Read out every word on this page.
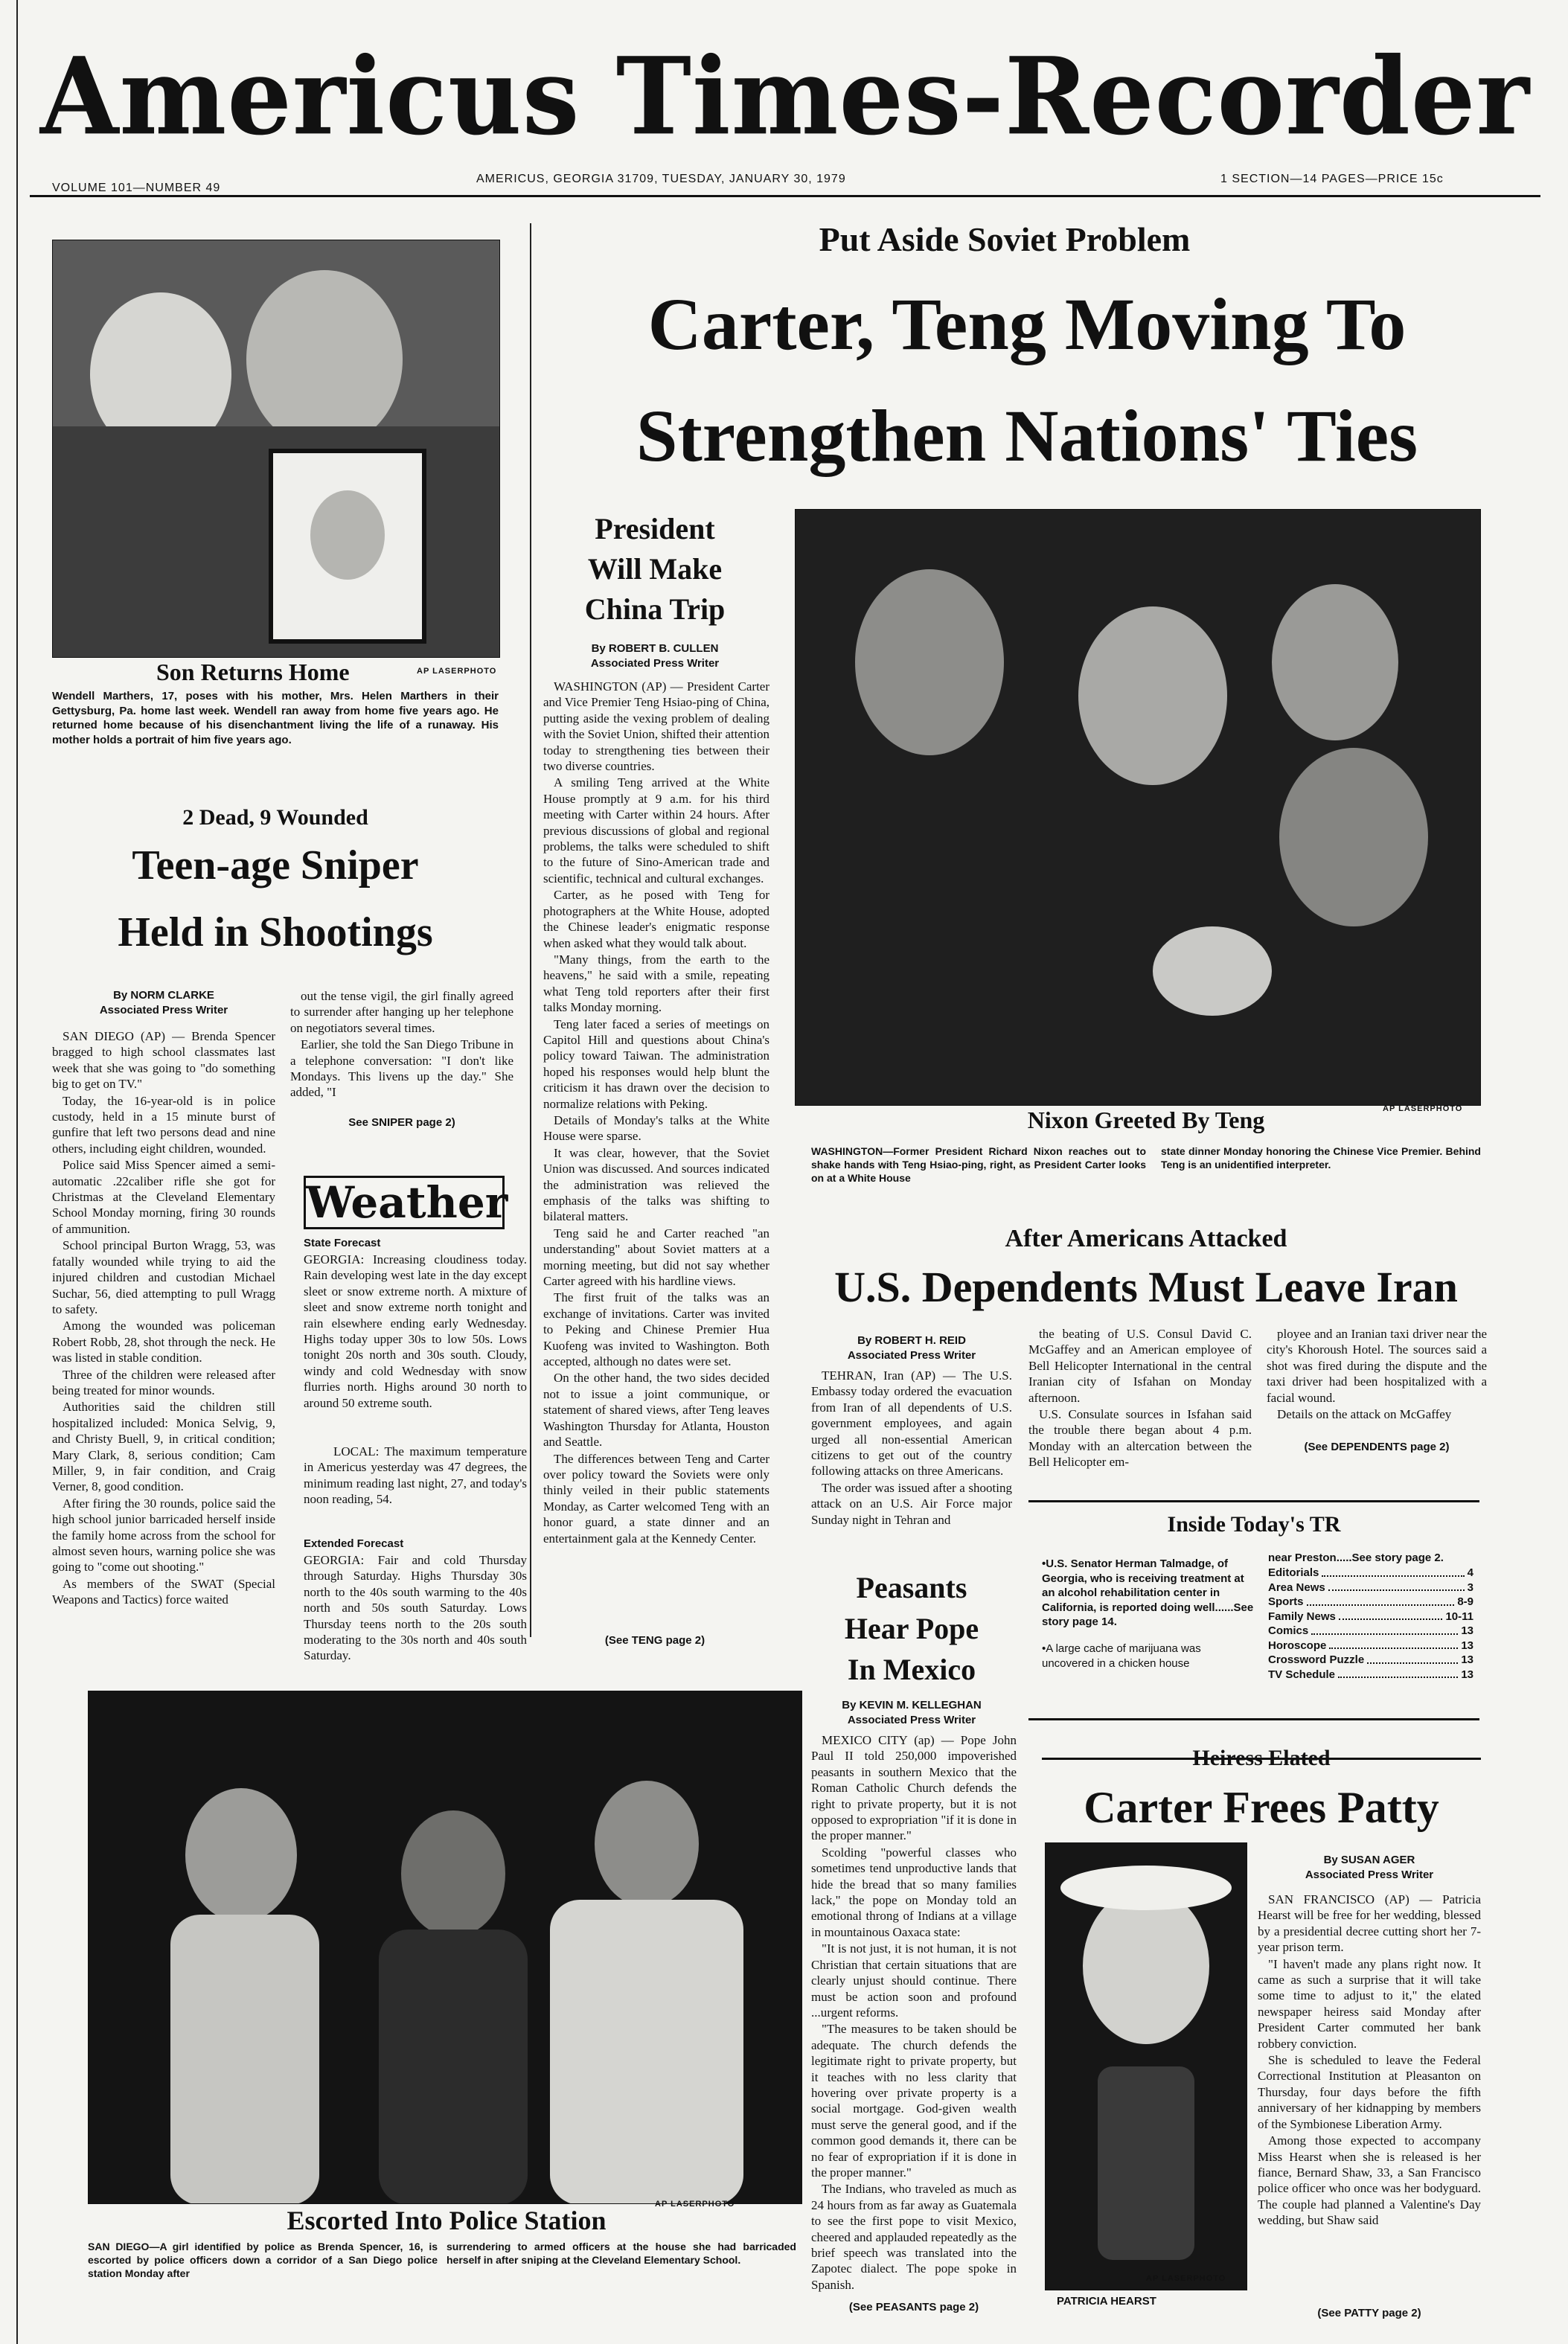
Americus Times-Recorder
VOLUME 101—NUMBER 49
AMERICUS, GEORGIA 31709, TUESDAY, JANUARY 30, 1979	1 SECTION—14 PAGES—PRICE 15c
Son Returns Home	AP LASERPHOTO
Wendell Marthers, 17, poses with his mother, Mrs. Helen Marthers in their Gettysburg, Pa. home last week. Wendell ran away from home five years ago. He returned home because of his disenchantment living the life of a runaway. His mother holds a portrait of him five years ago.
2 Dead, 9 Wounded
Teen-age Sniper
Held in Shootings
By NORM CLARKE
Associated Press Writer

SAN DIEGO (AP) — Brenda Spencer bragged to high school classmates last week that she was going to "do something big to get on TV."

Today, the 16-year-old is in police custody, held in a 15 minute burst of gunfire that left two persons dead and nine others, including eight children, wounded.

Police said Miss Spencer aimed a semi-automatic .22caliber rifle she got for Christmas at the Cleveland Elementary School Monday morning, firing 30 rounds of ammunition.

School principal Burton Wragg, 53, was fatally wounded while trying to aid the injured children and custodian Michael Suchar, 56, died attempting to pull Wragg to safety.

Among the wounded was policeman Robert Robb, 28, shot through the neck. He was listed in stable condition.

Three of the children were released after being treated for minor wounds.

Authorities said the children still hospitalized included: Monica Selvig, 9, and Christy Buell, 9, in critical condition; Mary Clark, 8, serious condition; Cam Miller, 9, in fair condition, and Craig Verner, 8, good condition.

After firing the 30 rounds, police said the high school junior barricaded herself inside the family home across from the school for almost seven hours, warning police she was going to "come out shooting."

As members of the SWAT (Special Weapons and Tactics) force waited

out the tense vigil, the girl finally agreed to surrender after hanging up her telephone on negotiators several times.

Earlier, she told the San Diego Tribune in a telephone conversation: "I don't like Mondays. This livens up the day." She added, "I

See SNIPER page 2)
Weather
State Forecast
GEORGIA: Increasing cloudiness today. Rain developing west late in the day except sleet or snow extreme north. A mixture of sleet and snow extreme north tonight and rain elsewhere ending early Wednesday. Highs today upper 30s to low 50s. Lows tonight 20s north and 30s south. Cloudy, windy and cold Wednesday with snow flurries north. Highs around 30 north to around 50 extreme south.
LOCAL: The maximum temperature in Americus yesterday was 47 degrees, the minimum reading last night, 27, and today's noon reading, 54.
Extended Forecast
GEORGIA: Fair and cold Thursday through Saturday. Highs Thursday 30s north to the 40s south warming to the 40s north and 50s south Saturday. Lows Thursday teens north to the 20s south moderating to the 30s north and 40s south Saturday.
Put Aside Soviet Problem
Carter, Teng Moving To
Strengthen Nations' Ties
President
Will Make
China Trip
By ROBERT B. CULLEN
Associated Press Writer

WASHINGTON (AP) — President Carter and Vice Premier Teng Hsiao-ping of China, putting aside the vexing problem of dealing with the Soviet Union, shifted their attention today to strengthening ties between their two diverse countries.

A smiling Teng arrived at the White House promptly at 9 a.m. for his third meeting with Carter within 24 hours. After previous discussions of global and regional problems, the talks were scheduled to shift to the future of Sino-American trade and scientific, technical and cultural exchanges.

Carter, as he posed with Teng for photographers at the White House, adopted the Chinese leader's enigmatic response when asked what they would talk about.

"Many things, from the earth to the heavens," he said with a smile, repeating what Teng told reporters after their first talks Monday morning.

Teng later faced a series of meetings on Capitol Hill and questions about China's policy toward Taiwan. The administration hoped his responses would help blunt the criticism it has drawn over the decision to normalize relations with Peking.

Details of Monday's talks at the White House were sparse.

It was clear, however, that the Soviet Union was discussed. And sources indicated the administration was relieved the emphasis of the talks was shifting to bilateral matters.

Teng said he and Carter reached "an understanding" about Soviet matters at a morning meeting, but did not say whether Carter agreed with his hardline views.

The first fruit of the talks was an exchange of invitations. Carter was invited to Peking and Chinese Premier Hua Kuofeng was invited to Washington. Both accepted, although no dates were set.

On the other hand, the two sides decided not to issue a joint communique, or statement of shared views, after Teng leaves Washington Thursday for Atlanta, Houston and Seattle.

The differences between Teng and Carter over policy toward the Soviets were only thinly veiled in their public statements Monday, as Carter welcomed Teng with an honor guard, a state dinner and an entertainment gala at the Kennedy Center.

(See TENG page 2)
Nixon Greeted By Teng	AP LASERPHOTO
WASHINGTON—Former President Richard Nixon reaches out to shake hands with Teng Hsiao-ping, right, as President Carter looks on at a White House
state dinner Monday honoring the Chinese Vice Premier. Behind Teng is an unidentified interpreter.
After Americans Attacked
U.S. Dependents Must Leave Iran
By ROBERT H. REID
Associated Press Writer

TEHRAN, Iran (AP) — The U.S. Embassy today ordered the evacuation from Iran of all dependents of U.S. government employees, and again urged all non-essential American citizens to get out of the country following attacks on three Americans.

The order was issued after a shooting attack on an U.S. Air Force major Sunday night in Tehran and

the beating of U.S. Consul David C. McGaffey and an American employee of Bell Helicopter International in the central Iranian city of Isfahan on Monday afternoon.

U.S. Consulate sources in Isfahan said the trouble there began about 4 p.m. Monday with an altercation between the Bell Helicopter em-

ployee and an Iranian taxi driver near the city's Khoroush Hotel. The sources said a shot was fired during the dispute and the taxi driver had been hospitalized with a facial wound.

Details on the attack on McGaffey

(See DEPENDENTS page 2)
Inside Today's TR
•U.S. Senator Herman Talmadge, of Georgia, who is receiving treatment at an alcohol rehabilitation center in California, is reported doing well......See story page 14.
•A large cache of marijuana was uncovered in a chicken house
near Preston.....See story page 2.
Editorials	4
Area News	3
Sports	8-9
Family News	10-11
Comics	13
Horoscope	13
Crossword Puzzle	13
TV Schedule	13
Peasants
Hear Pope
In Mexico
By KEVIN M. KELLEGHAN
Associated Press Writer

MEXICO CITY (ap) — Pope John Paul II told 250,000 impoverished peasants in southern Mexico that the Roman Catholic Church defends the right to private property, but it is not opposed to expropriation "if it is done in the proper manner."

Scolding "powerful classes who sometimes tend unproductive lands that hide the bread that so many families lack," the pope on Monday told an emotional throng of Indians at a village in mountainous Oaxaca state:

"It is not just, it is not human, it is not Christian that certain situations that are clearly unjust should continue. There must be action soon and profound ...urgent reforms.

"The measures to be taken should be adequate. The church defends the legitimate right to private property, but it teaches with no less clarity that hovering over private property is a social mortgage. God-given wealth must serve the general good, and if the common good demands it, there can be no fear of expropriation if it is done in the proper manner."

The Indians, who traveled as much as 24 hours from as far away as Guatemala to see the first pope to visit Mexico, cheered and applauded repeatedly as the brief speech was translated into the Zapotec dialect. The pope spoke in Spanish.

(See PEASANTS page 2)
Heiress Elated
Carter Frees Patty
By SUSAN AGER
Associated Press Writer
AP LASERPHOTO
PATRICIA HEARST

SAN FRANCISCO (AP) — Patricia Hearst will be free for her wedding, blessed by a presidential decree cutting short her 7-year prison term.

"I haven't made any plans right now. It came as such a surprise that it will take some time to adjust to it," the elated newspaper heiress said Monday after President Carter commuted her bank robbery conviction.

She is scheduled to leave the Federal Correctional Institution at Pleasanton on Thursday, four days before the fifth anniversary of her kidnapping by members of the Symbionese Liberation Army.

Among those expected to accompany Miss Hearst when she is released is her fiance, Bernard Shaw, 33, a San Francisco police officer who once was her bodyguard. The couple had planned a Valentine's Day wedding, but Shaw said

(See PATTY page 2)
Escorted Into Police Station
AP LASERPHOTO
SAN DIEGO—A girl identified by police as Brenda Spencer, 16, is escorted by police officers down a corridor of a San Diego police station Monday after
surrendering to armed officers at the house she had barricaded herself in after sniping at the Cleveland Elementary School.
